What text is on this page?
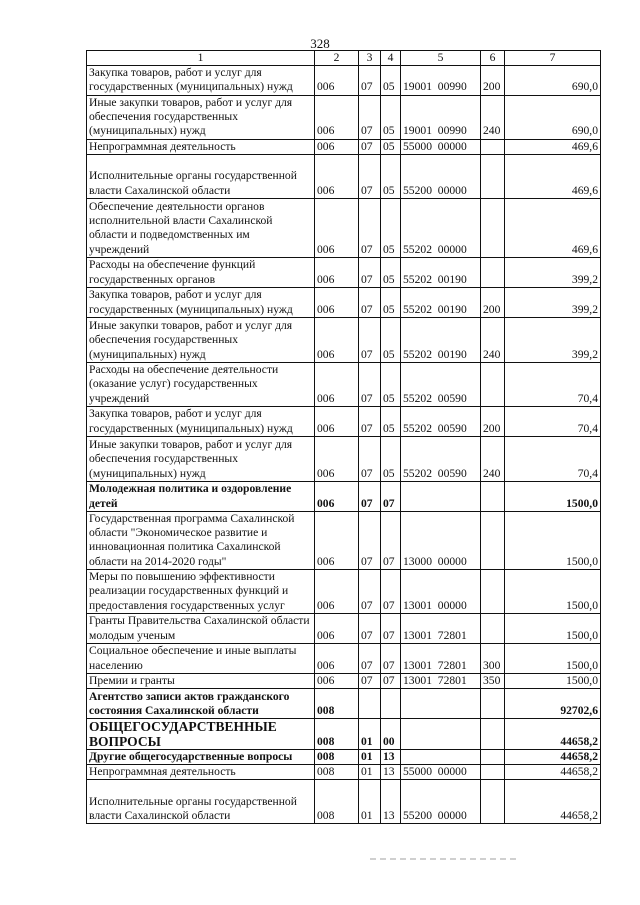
328
1	2	3	4	5	6	7
Закупка товаров, работ и услуг для государственных (муниципальных) нужд	006	07	05	19001  00990	200	690,0
Иные закупки товаров, работ и услуг для обеспечения государственных (муниципальных) нужд	006	07	05	19001  00990	240	690,0
Непрограммная деятельность	006	07	05	55000  00000		469,6
Исполнительные органы государственной власти Сахалинской области	006	07	05	55200  00000		469,6
Обеспечение деятельности органов исполнительной власти Сахалинской области и подведомственных им учреждений	006	07	05	55202  00000		469,6
Расходы на обеспечение функций государственных органов	006	07	05	55202  00190		399,2
Закупка товаров, работ и услуг для государственных (муниципальных) нужд	006	07	05	55202  00190	200	399,2
Иные закупки товаров, работ и услуг для обеспечения государственных (муниципальных) нужд	006	07	05	55202  00190	240	399,2
Расходы на обеспечение деятельности (оказание услуг) государственных учреждений	006	07	05	55202  00590		70,4
Закупка товаров, работ и услуг для государственных (муниципальных) нужд	006	07	05	55202  00590	200	70,4
Иные закупки товаров, работ и услуг для обеспечения государственных (муниципальных) нужд	006	07	05	55202  00590	240	70,4
Молодежная политика и оздоровление детей	006	07	07			1500,0
Государственная программа Сахалинской области "Экономическое развитие и инновационная политика Сахалинской области на 2014-2020 годы"	006	07	07	13000  00000		1500,0
Меры по повышению эффективности реализации государственных функций и предоставления государственных услуг	006	07	07	13001  00000		1500,0
Гранты Правительства Сахалинской области молодым ученым	006	07	07	13001  72801		1500,0
Социальное обеспечение и иные выплаты населению	006	07	07	13001  72801	300	1500,0
Премии и гранты	006	07	07	13001  72801	350	1500,0
Агентство записи актов гражданского состояния Сахалинской области	008					92702,6
ОБЩЕГОСУДАРСТВЕННЫЕ ВОПРОСЫ	008	01	00			44658,2
Другие общегосударственные вопросы	008	01	13			44658,2
Непрограммная деятельность	008	01	13	55000  00000		44658,2
Исполнительные органы государственной власти Сахалинской области	008	01	13	55200  00000		44658,2
